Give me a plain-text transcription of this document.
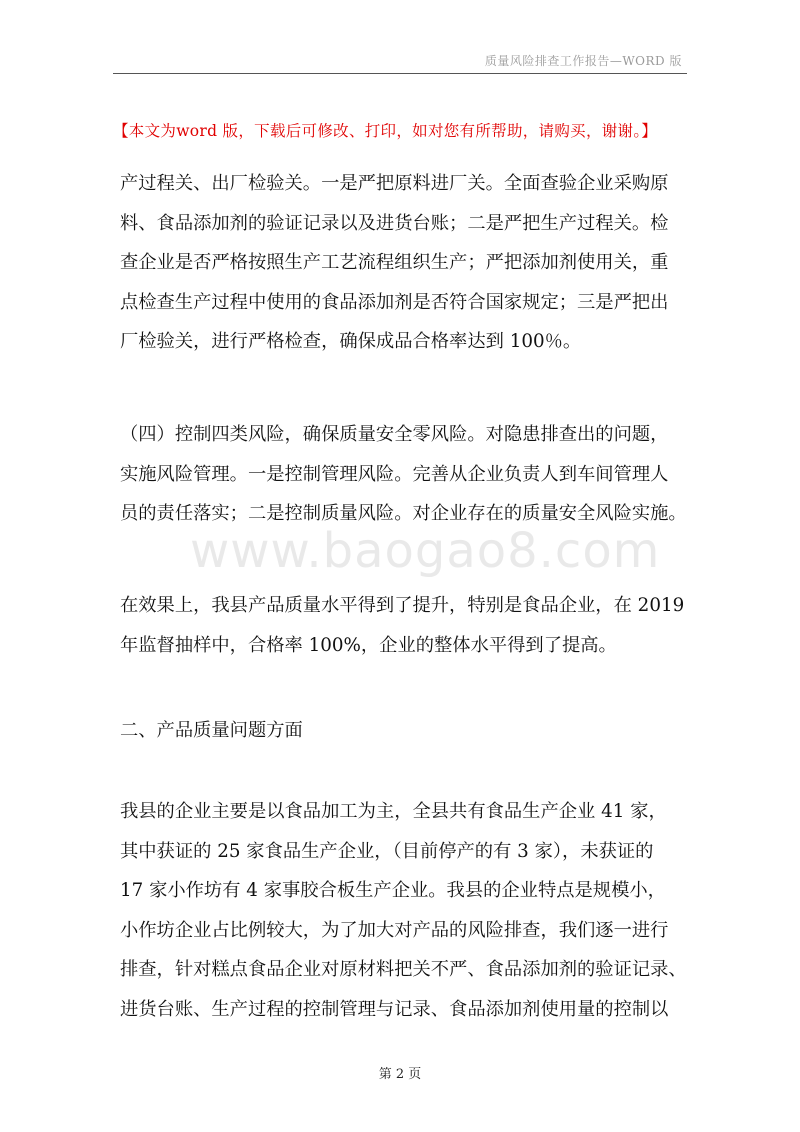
质量风险排查工作报告—WORD 版
【本文为word 版，下载后可修改、打印，如对您有所帮助，请购买，谢谢。】
www.baogao8.com

产过程关、出厂检验关。一是严把原料进厂关。全面查验企业采购原
料、食品添加剂的验证记录以及进货台账；二是严把生产过程关。检
查企业是否严格按照生产工艺流程组织生产；严把添加剂使用关，重
点检查生产过程中使用的食品添加剂是否符合国家规定；三是严把出
厂检验关，进行严格检查，确保成品合格率达到 100％。

（四）控制四类风险，确保质量安全零风险。对隐患排查出的问题，
实施风险管理。一是控制管理风险。完善从企业负责人到车间管理人
员的责任落实；二是控制质量风险。对企业存在的质量安全风险实施。

在效果上，我县产品质量水平得到了提升，特别是食品企业，在 2019
年监督抽样中，合格率 100%，企业的整体水平得到了提高。

二、产品质量问题方面

我县的企业主要是以食品加工为主，全县共有食品生产企业 41 家，
其中获证的 25 家食品生产企业，（目前停产的有 3 家），未获证的
17 家小作坊有 4 家事胶合板生产企业。我县的企业特点是规模小，
小作坊企业占比例较大，为了加大对产品的风险排查，我们逐一进行
排查，针对糕点食品企业对原材料把关不严、食品添加剂的验证记录、
进货台账、生产过程的控制管理与记录、食品添加剂使用量的控制以

第 2 页
